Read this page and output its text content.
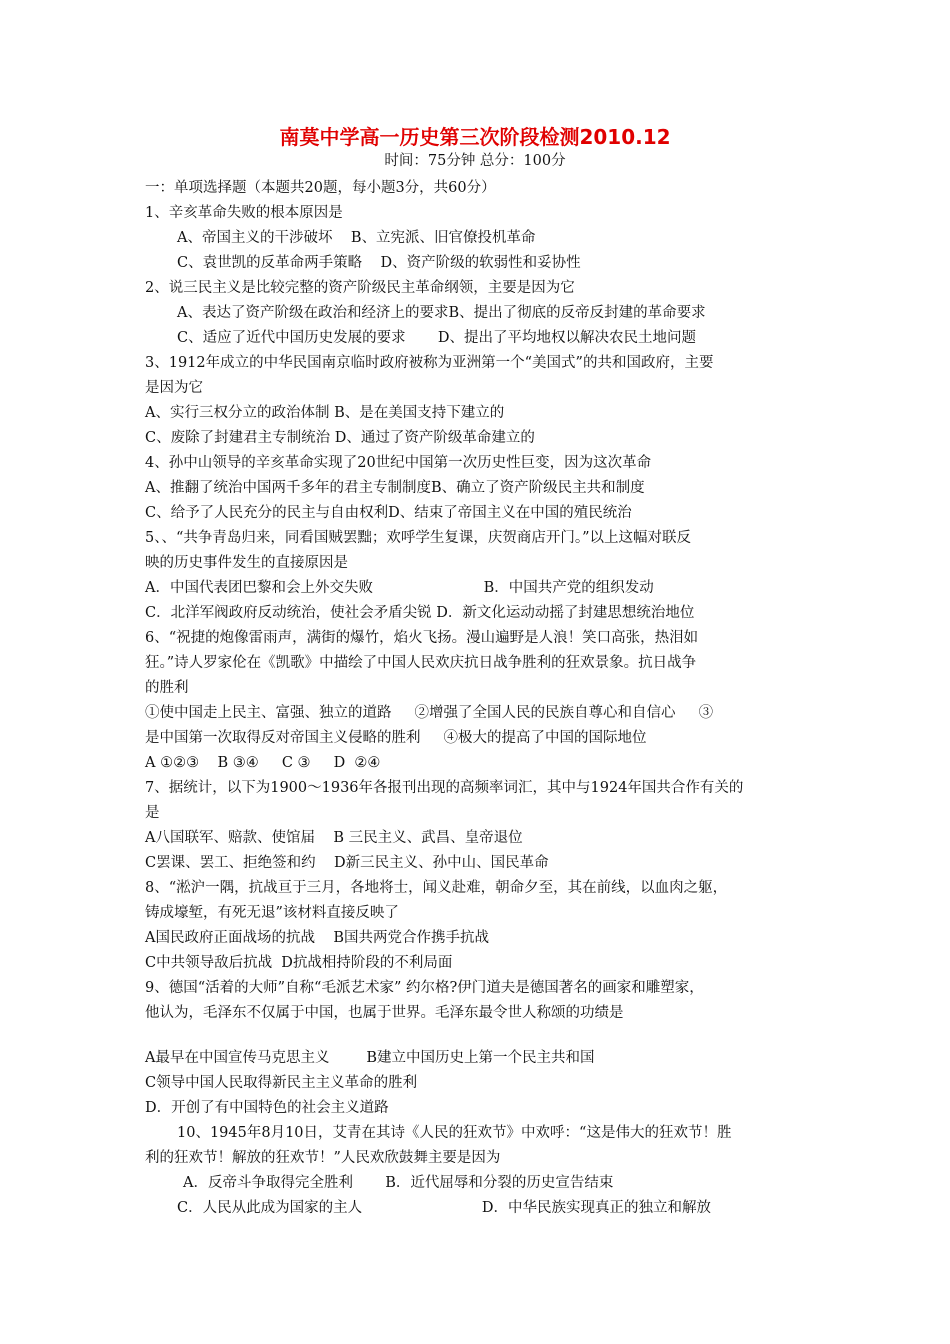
南莫中学高一历史第三次阶段检测2010.12
时间：75分钟 总分：100分
一：单项选择题（本题共20题，每小题3分，共60分）
1、辛亥革命失败的根本原因是
A、帝国主义的干涉破坏    B、立宪派、旧官僚投机革命
C、袁世凯的反革命两手策略    D、资产阶级的软弱性和妥协性
2、说三民主义是比较完整的资产阶级民主革命纲领，主要是因为它
A、表达了资产阶级在政治和经济上的要求B、提出了彻底的反帝反封建的革命要求
C、适应了近代中国历史发展的要求       D、提出了平均地权以解决农民土地问题
3、1912年成立的中华民国南京临时政府被称为亚洲第一个“美国式”的共和国政府，主要
是因为它
A、实行三权分立的政治体制 B、是在美国支持下建立的
C、废除了封建君主专制统治 D、通过了资产阶级革命建立的
4、孙中山领导的辛亥革命实现了20世纪中国第一次历史性巨变，因为这次革命
A、推翻了统治中国两千多年的君主专制制度B、确立了资产阶级民主共和制度
C、给予了人民充分的民主与自由权利D、结束了帝国主义在中国的殖民统治
5、、“共争青岛归来，同看国贼罢黜；欢呼学生复课，庆贺商店开门。”以上这幅对联反
映的历史事件发生的直接原因是
A．中国代表团巴黎和会上外交失败                        B．中国共产党的组织发动
C．北洋军阀政府反动统治，使社会矛盾尖锐 D．新文化运动动摇了封建思想统治地位
6、“祝捷的炮像雷雨声，满街的爆竹，焰火飞扬。漫山遍野是人浪！笑口高张，热泪如
狂。”诗人罗家伦在《凯歌》中描绘了中国人民欢庆抗日战争胜利的狂欢景象。抗日战争
的胜利
①使中国走上民主、富强、独立的道路     ②增强了全国人民的民族自尊心和自信心     ③
是中国第一次取得反对帝国主义侵略的胜利     ④极大的提高了中国的国际地位
A ①②③    B ③④     C ③     D  ②④
7、据统计，以下为1900～1936年各报刊出现的高频率词汇，其中与1924年国共合作有关的
是
A八国联军、赔款、使馆届    B 三民主义、武昌、皇帝退位
C罢课、罢工、拒绝签和约    D新三民主义、孙中山、国民革命
8、“淞沪一隅，抗战亘于三月，各地将士，闻义赴难，朝命夕至，其在前线，以血肉之躯，
铸成壕堑，有死无退”该材料直接反映了
A国民政府正面战场的抗战    B国共两党合作携手抗战
C中共领导敌后抗战  D抗战相持阶段的不利局面
9、德国“活着的大师”自称“毛派艺术家” 约尔格?伊门道夫是德国著名的画家和雕塑家，
他认为，毛泽东不仅属于中国，也属于世界。毛泽东最令世人称颂的功绩是
A最早在中国宣传马克思主义        B建立中国历史上第一个民主共和国
C领导中国人民取得新民主主义革命的胜利
D．开创了有中国特色的社会主义道路
10、1945年8月10日，艾青在其诗《人民的狂欢节》中欢呼：“这是伟大的狂欢节！胜
利的狂欢节！解放的狂欢节！”人民欢欣鼓舞主要是因为
A．反帝斗争取得完全胜利       B．近代屈辱和分裂的历史宣告结束
C．人民从此成为国家的主人                          D．中华民族实现真正的独立和解放
